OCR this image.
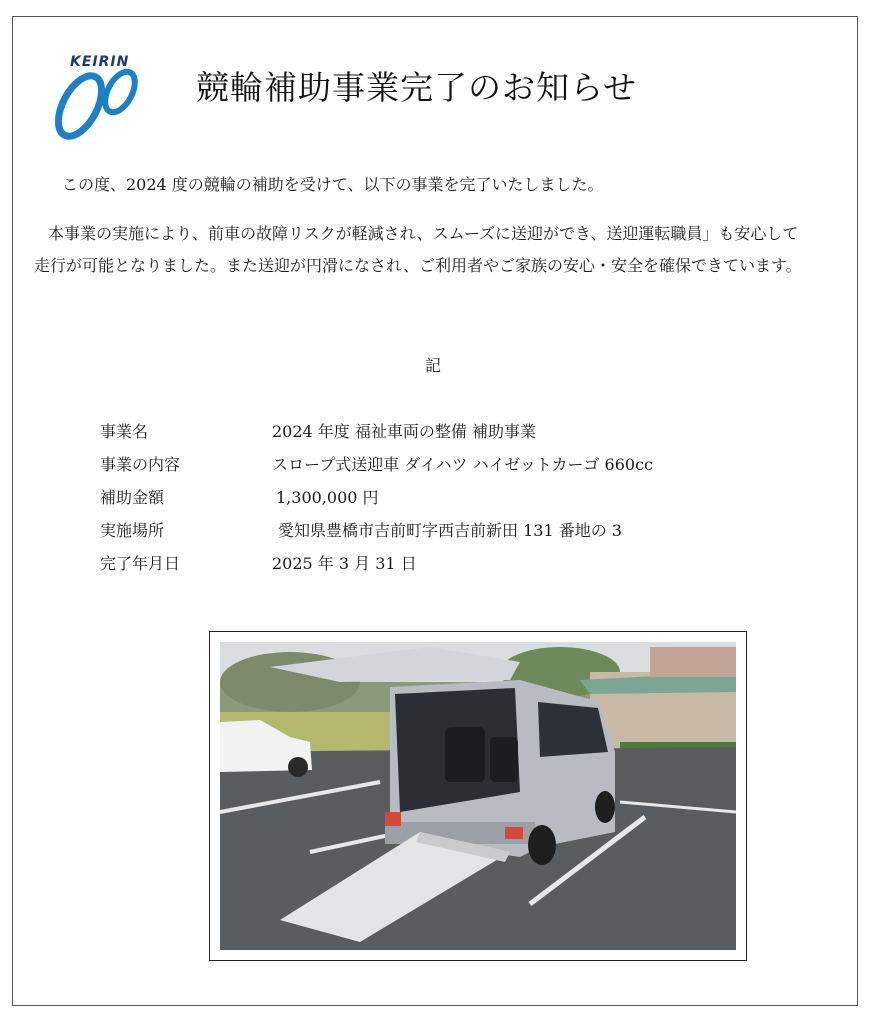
KEIRIN
競輪補助事業完了のお知らせ
この度、2024 度の競輪の補助を受けて、以下の事業を完了いたしました。
本事業の実施により、前車の故障リスクが軽減され、スムーズに送迎ができ、送迎運転職員」も安心して走行が可能となりました。また送迎が円滑になされ、ご利用者やご家族の安心・安全を確保できています。
記
事業名	2024 年度 福祉車両の整備 補助事業
事業の内容	スロープ式送迎車 ダイハツ ハイゼットカーゴ 660cc
補助金額	1,300,000 円
実施場所	愛知県豊橋市吉前町字西吉前新田 131 番地の 3
完了年月日	2025 年 3 月 31 日
